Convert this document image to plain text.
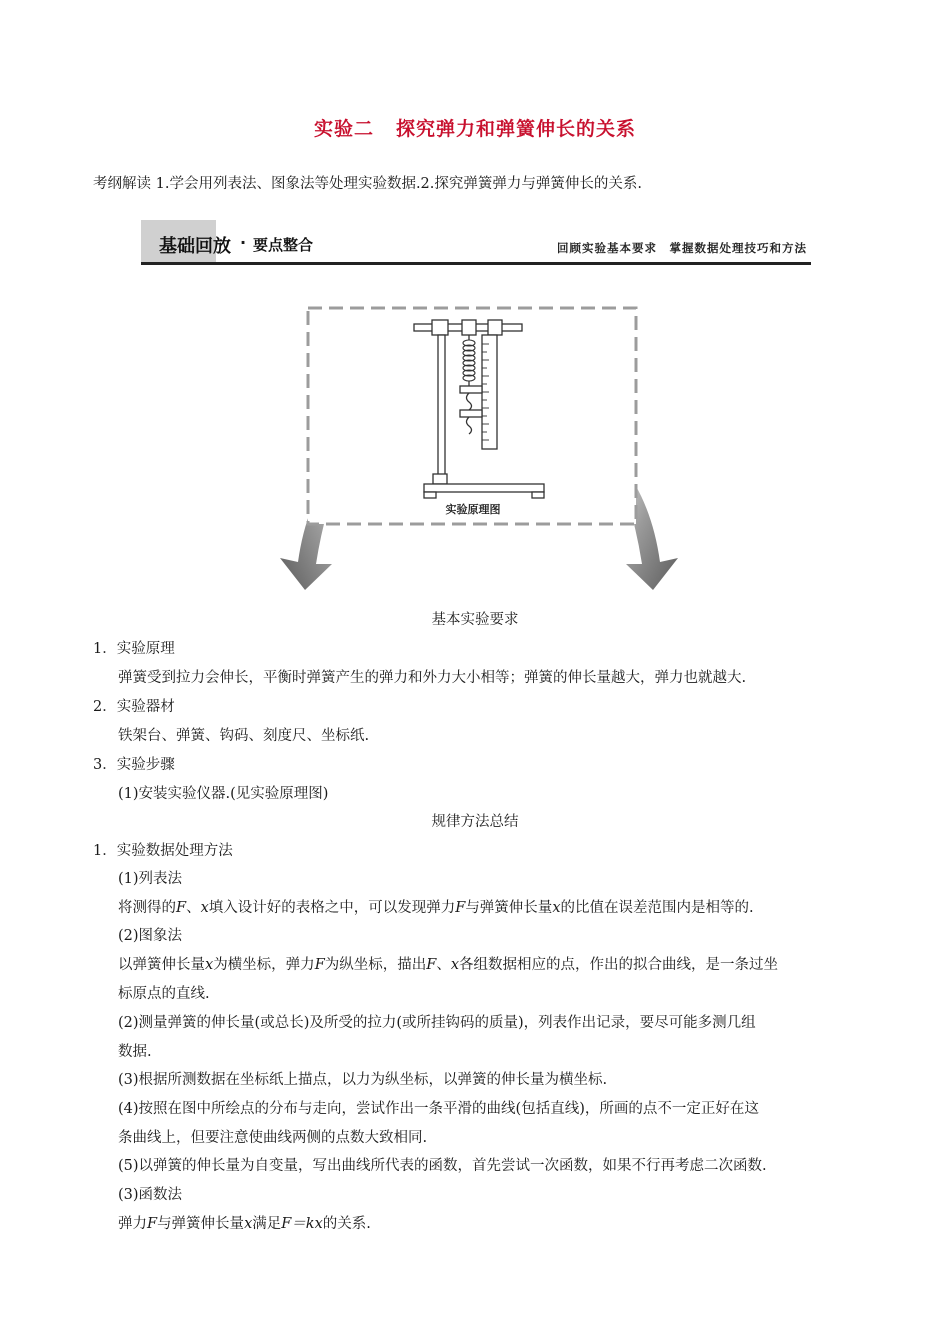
实验二 探究弹力和弹簧伸长的关系
考纲解读 1.学会用列表法、图象法等处理实验数据.2.探究弹簧弹力与弹簧伸长的关系.
基础回放 · 要点整合	回顾实验基本要求　掌握数据处理技巧和方法
实验原理图
基本实验要求
1．实验原理
弹簧受到拉力会伸长，平衡时弹簧产生的弹力和外力大小相等；弹簧的伸长量越大，弹力也就越大.
2．实验器材
铁架台、弹簧、钩码、刻度尺、坐标纸.
3．实验步骤
(1)安装实验仪器.(见实验原理图)
规律方法总结
1．实验数据处理方法
(1)列表法
将测得的F、x填入设计好的表格之中，可以发现弹力F与弹簧伸长量x的比值在误差范围内是相等的.
(2)图象法
以弹簧伸长量x为横坐标，弹力F为纵坐标，描出F、x各组数据相应的点，作出的拟合曲线，是一条过坐
标原点的直线.
(2)测量弹簧的伸长量(或总长)及所受的拉力(或所挂钩码的质量)，列表作出记录，要尽可能多测几组
数据.
(3)根据所测数据在坐标纸上描点，以力为纵坐标，以弹簧的伸长量为横坐标.
(4)按照在图中所绘点的分布与走向，尝试作出一条平滑的曲线(包括直线)，所画的点不一定正好在这
条曲线上，但要注意使曲线两侧的点数大致相同.
(5)以弹簧的伸长量为自变量，写出曲线所代表的函数，首先尝试一次函数，如果不行再考虑二次函数.
(3)函数法
弹力F与弹簧伸长量x满足F＝kx的关系.
